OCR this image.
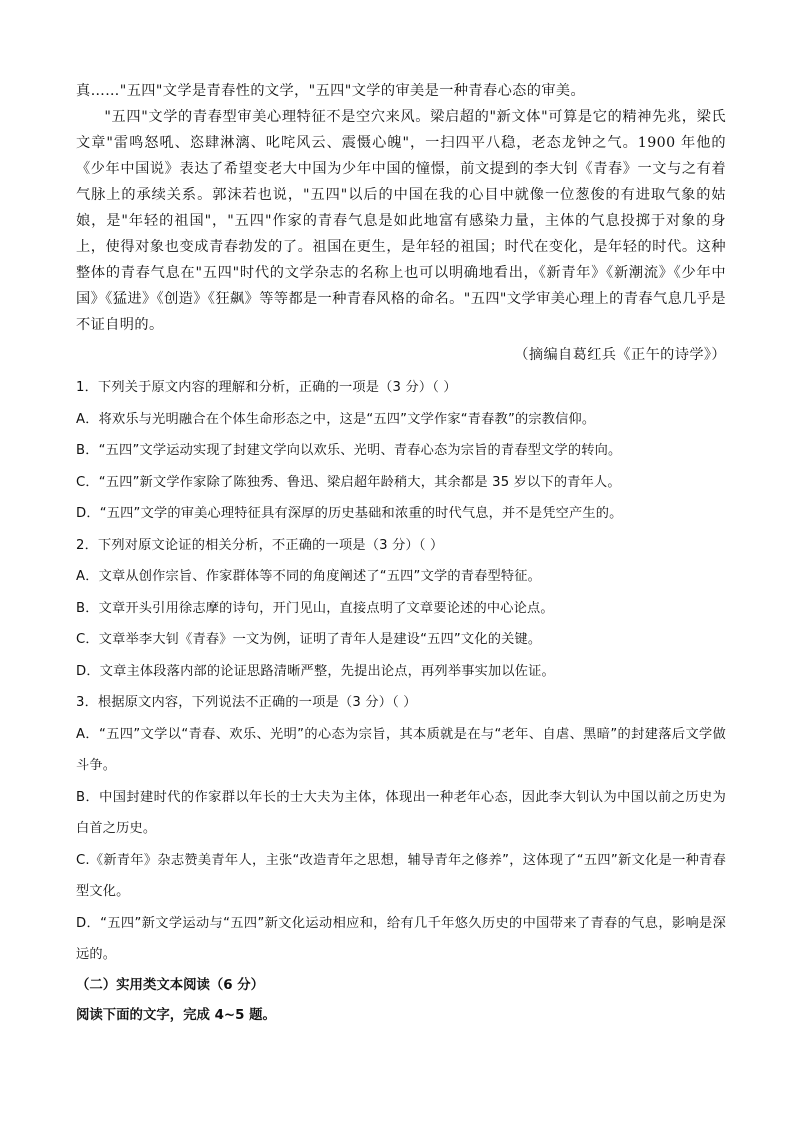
真……"五四"文学是青春性的文学，"五四"文学的审美是一种青春心态的审美。

"五四"文学的青春型审美心理特征不是空穴来风。梁启超的"新文体"可算是它的精神先兆，梁氏文章"雷鸣怒吼、恣肆淋漓、叱咤风云、震慑心魄"，一扫四平八稳，老态龙钟之气。1900 年他的《少年中国说》表达了希望变老大中国为少年中国的憧憬，前文提到的李大钊《青春》一文与之有着气脉上的承续关系。郭沫若也说，"五四"以后的中国在我的心目中就像一位葱俊的有进取气象的姑娘，是"年轻的祖国"，"五四"作家的青春气息是如此地富有感染力量，主体的气息投掷于对象的身上，使得对象也变成青春勃发的了。祖国在更生，是年轻的祖国；时代在变化，是年轻的时代。这种整体的青春气息在"五四"时代的文学杂志的名称上也可以明确地看出，《新青年》《新潮流》《少年中国》《猛进》《创造》《狂飙》等等都是一种青春风格的命名。"五四"文学审美心理上的青春气息几乎是不证自明的。

（摘编自葛红兵《正午的诗学》）

1．下列关于原文内容的理解和分析，正确的一项是（3 分）（ ）

A．将欢乐与光明融合在个体生命形态之中，这是“五四”文学作家“青春教”的宗教信仰。

B．“五四”文学运动实现了封建文学向以欢乐、光明、青春心态为宗旨的青春型文学的转向。

C．“五四”新文学作家除了陈独秀、鲁迅、梁启超年龄稍大，其余都是 35 岁以下的青年人。

D．“五四”文学的审美心理特征具有深厚的历史基础和浓重的时代气息，并不是凭空产生的。

2．下列对原文论证的相关分析，不正确的一项是（3 分）（ ）

A．文章从创作宗旨、作家群体等不同的角度阐述了“五四”文学的青春型特征。

B．文章开头引用徐志摩的诗句，开门见山，直接点明了文章要论述的中心论点。

C．文章举李大钊《青春》一文为例，证明了青年人是建设“五四”文化的关键。

D．文章主体段落内部的论证思路清晰严整，先提出论点，再列举事实加以佐证。

3．根据原文内容，下列说法不正确的一项是（3 分）（ ）

A．“五四”文学以“青春、欢乐、光明”的心态为宗旨，其本质就是在与“老年、自虐、黑暗”的封建落后文学做斗争。

B．中国封建时代的作家群以年长的士大夫为主体，体现出一种老年心态，因此李大钊认为中国以前之历史为白首之历史。

C.《新青年》杂志赞美青年人，主张“改造青年之思想，辅导青年之修养”，这体现了“五四”新文化是一种青春型文化。

D．“五四”新文学运动与“五四”新文化运动相应和，给有几千年悠久历史的中国带来了青春的气息，影响是深远的。

（二）实用类文本阅读（6 分）

阅读下面的文字，完成 4~5 题。
